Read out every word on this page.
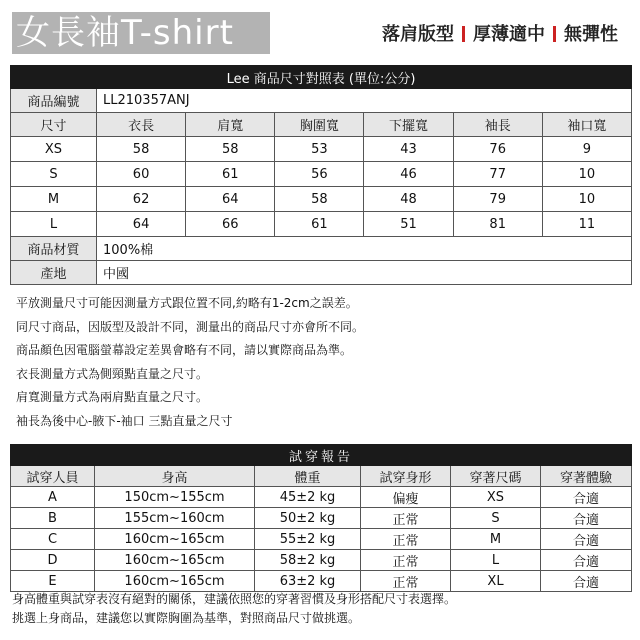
女長袖T-shirt	落肩版型 厚薄適中 無彈性
Lee 商品尺寸對照表 (單位:公分)						
商品編號	LL210357ANJ					
尺寸	衣長	肩寬	胸圍寬	下擺寬	袖長	袖口寬
XS	58	58	53	43	76	9
S	60	61	56	46	77	10
M	62	64	58	48	79	10
L	64	66	61	51	81	11
商品材質	100%棉					
產地	中國					
平放測量尺寸可能因測量方式跟位置不同,約略有1-2cm之誤差。
同尺寸商品，因版型及設計不同，測量出的商品尺寸亦會所不同。
商品顏色因電腦螢幕設定差異會略有不同，請以實際商品為準。
衣長測量方式為側頸點直量之尺寸。
肩寬測量方式為兩肩點直量之尺寸。
袖長為後中心-腋下-袖口 三點直量之尺寸
試穿報告					
試穿人員	身高	體重	試穿身形	穿著尺碼	穿著體驗
A	150cm~155cm	45±2 kg	偏瘦	XS	合適
B	155cm~160cm	50±2 kg	正常	S	合適
C	160cm~165cm	55±2 kg	正常	M	合適
D	160cm~165cm	58±2 kg	正常	L	合適
E	160cm~165cm	63±2 kg	正常	XL	合適
身高體重與試穿表沒有絕對的關係，建議依照您的穿著習慣及身形搭配尺寸表選擇。
挑選上身商品，建議您以實際胸圍為基準，對照商品尺寸做挑選。
